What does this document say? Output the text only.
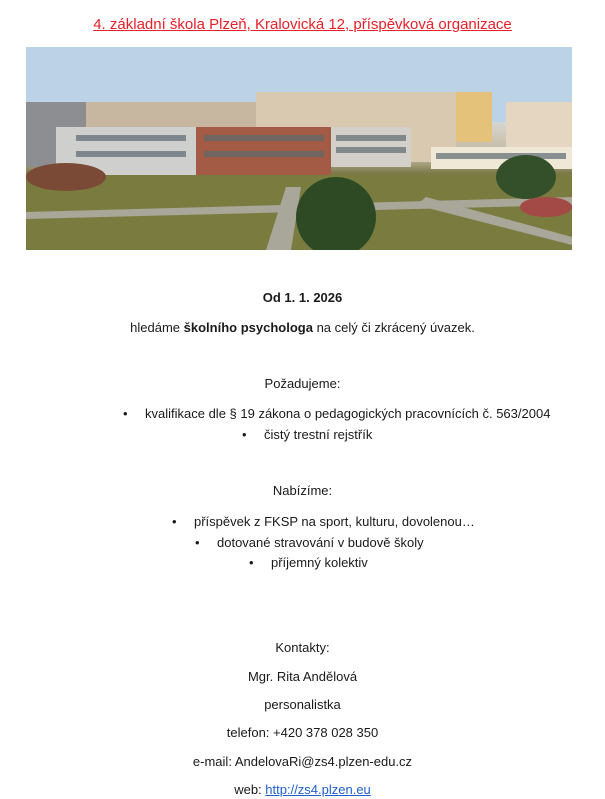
4. základní škola Plzeň, Kralovická 12, příspěvková organizace
Od 1. 1. 2026
hledáme školního psychologa na celý či zkrácený úvazek.
Požadujeme:
• kvalifikace dle § 19 zákona o pedagogických pracovnících č. 563/2004
• čistý trestní rejstřík
Nabízíme:
• příspěvek z FKSP na sport, kulturu, dovolenou…
• dotované stravování v budově školy
• příjemný kolektiv
Kontakty:
Mgr. Rita Andělová
personalistka
telefon: +420 378 028 350
e-mail: AndelovaRi@zs4.plzen-edu.cz
web: http://zs4.plzen.eu
